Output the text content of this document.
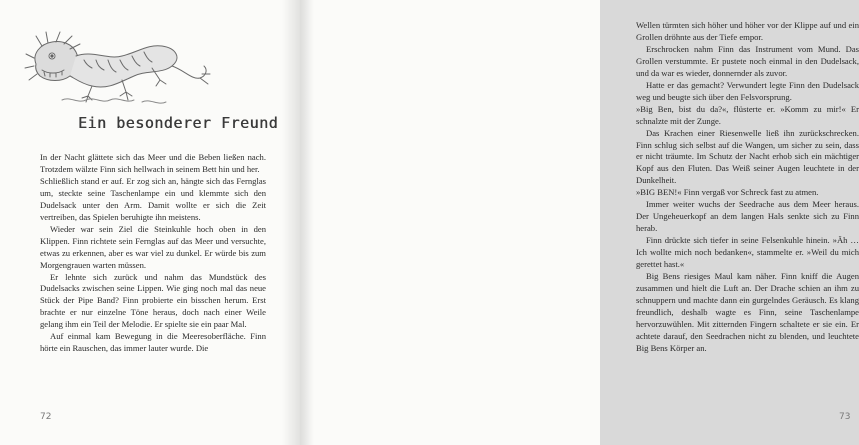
Ein besonderer Freund

In der Nacht glättete sich das Meer und die Beben ließen nach. Trotzdem wälzte Finn sich hellwach in seinem Bett hin und her.

Schließlich stand er auf. Er zog sich an, hängte sich das Fernglas um, steckte seine Taschenlampe ein und klemmte sich den Dudelsack unter den Arm. Damit wollte er sich die Zeit vertreiben, das Spielen beruhigte ihn meistens.

Wieder war sein Ziel die Steinkuhle hoch oben in den Klippen. Finn richtete sein Fernglas auf das Meer und versuchte, etwas zu erkennen, aber es war viel zu dunkel. Er würde bis zum Morgengrauen warten müssen.

Er lehnte sich zurück und nahm das Mundstück des Dudelsacks zwischen seine Lippen. Wie ging noch mal das neue Stück der Pipe Band? Finn probierte ein bisschen herum. Erst brachte er nur einzelne Töne heraus, doch nach einer Weile gelang ihm ein Teil der Melodie. Er spielte sie ein paar Mal.

Auf einmal kam Bewegung in die Meeresoberfläche. Finn hörte ein Rauschen, das immer lauter wurde. Die

72

Wellen türmten sich höher und höher vor der Klippe auf und ein Grollen dröhnte aus der Tiefe empor.

Erschrocken nahm Finn das Instrument vom Mund. Das Grollen verstummte. Er pustete noch einmal in den Dudelsack, und da war es wieder, donnernder als zuvor.

Hatte er das gemacht? Verwundert legte Finn den Dudelsack weg und beugte sich über den Felsvorsprung.

»Big Ben, bist du da?«, flüsterte er. »Komm zu mir!« Er schnalzte mit der Zunge.

Das Krachen einer Riesenwelle ließ ihn zurückschrecken. Finn schlug sich selbst auf die Wangen, um sicher zu sein, dass er nicht träumte. Im Schutz der Nacht erhob sich ein mächtiger Kopf aus den Fluten. Das Weiß seiner Augen leuchtete in der Dunkelheit.

»BIG BEN!« Finn vergaß vor Schreck fast zu atmen.

Immer weiter wuchs der Seedrache aus dem Meer heraus. Der Ungeheuerkopf an dem langen Hals senkte sich zu Finn herab.

Finn drückte sich tiefer in seine Felsenkuhle hinein. »Äh … Ich wollte mich noch bedanken«, stammelte er. »Weil du mich gerettet hast.«

Big Bens riesiges Maul kam näher. Finn kniff die Augen zusammen und hielt die Luft an. Der Drache schien an ihm zu schnuppern und machte dann ein gurgelndes Geräusch. Es klang freundlich, deshalb wagte es Finn, seine Taschenlampe hervorzuwühlen. Mit zitternden Fingern schaltete er sie ein. Er achtete darauf, den Seedrachen nicht zu blenden, und leuchtete Big Bens Körper an.

73
